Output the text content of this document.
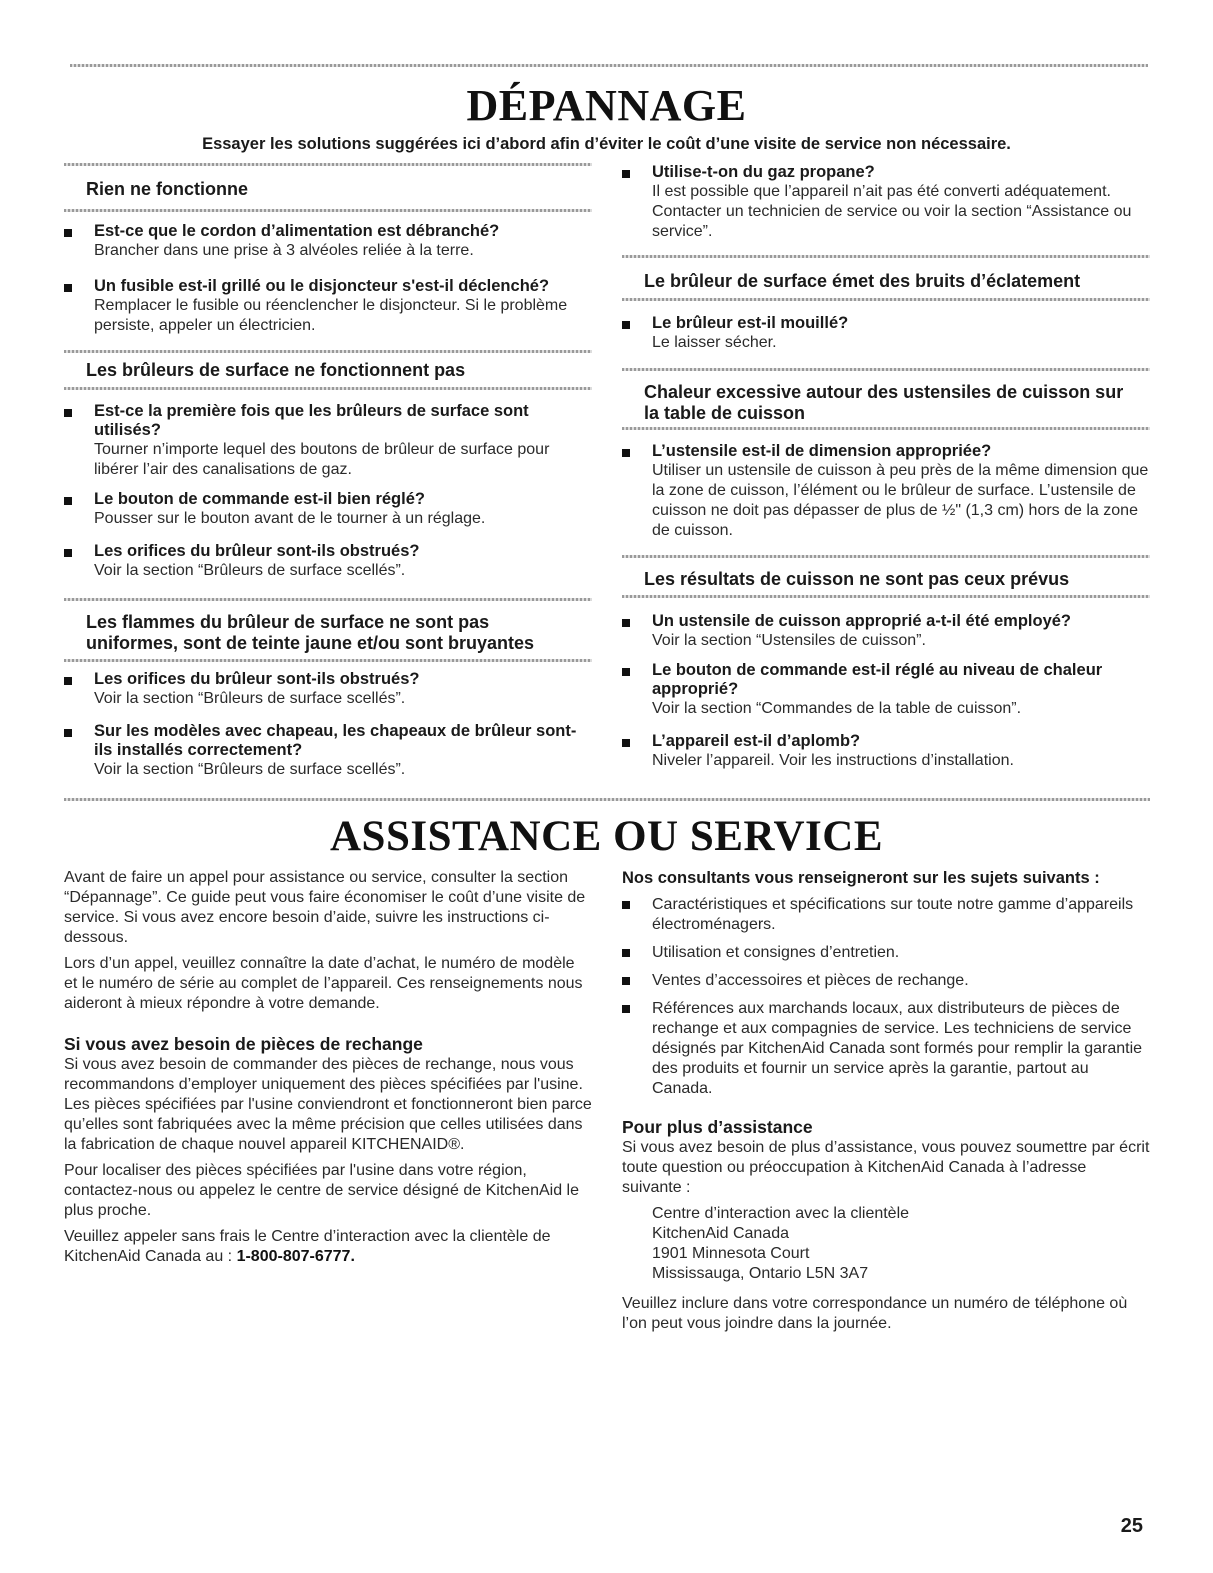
DÉPANNAGE
Essayer les solutions suggérées ici d’abord afin d’éviter le coût d’une visite de service non nécessaire.
Rien ne fonctionne
Est-ce que le cordon d’alimentation est débranché?
Brancher dans une prise à 3 alvéoles reliée à la terre.
Un fusible est-il grillé ou le disjoncteur s'est-il déclenché?
Remplacer le fusible ou réenclencher le disjoncteur. Si le problème persiste, appeler un électricien.
Les brûleurs de surface ne fonctionnent pas
Est-ce la première fois que les brûleurs de surface sont utilisés?
Tourner n’importe lequel des boutons de brûleur de surface pour libérer l’air des canalisations de gaz.
Le bouton de commande est-il bien réglé?
Pousser sur le bouton avant de le tourner à un réglage.
Les orifices du brûleur sont-ils obstrués?
Voir la section “Brûleurs de surface scellés”.
Les flammes du brûleur de surface ne sont pas uniformes, sont de teinte jaune et/ou sont bruyantes
Les orifices du brûleur sont-ils obstrués?
Voir la section “Brûleurs de surface scellés”.
Sur les modèles avec chapeau, les chapeaux de brûleur sont-ils installés correctement?
Voir la section “Brûleurs de surface scellés”.
Utilise-t-on du gaz propane?
Il est possible que l’appareil n’ait pas été converti adéquatement. Contacter un technicien de service ou voir la section “Assistance ou service”.
Le brûleur de surface émet des bruits d’éclatement
Le brûleur est-il mouillé?
Le laisser sécher.
Chaleur excessive autour des ustensiles de cuisson sur la table de cuisson
L’ustensile est-il de dimension appropriée?
Utiliser un ustensile de cuisson à peu près de la même dimension que la zone de cuisson, l’élément ou le brûleur de surface. L’ustensile de cuisson ne doit pas dépasser de plus de ½" (1,3 cm) hors de la zone de cuisson.
Les résultats de cuisson ne sont pas ceux prévus
Un ustensile de cuisson approprié a-t-il été employé?
Voir la section “Ustensiles de cuisson”.
Le bouton de commande est-il réglé au niveau de chaleur approprié?
Voir la section “Commandes de la table de cuisson”.
L’appareil est-il d’aplomb?
Niveler l’appareil. Voir les instructions d’installation.
ASSISTANCE OU SERVICE

Avant de faire un appel pour assistance ou service, consulter la section “Dépannage”. Ce guide peut vous faire économiser le coût d’une visite de service. Si vous avez encore besoin d’aide, suivre les instructions ci-dessous.

Lors d’un appel, veuillez connaître la date d’achat, le numéro de modèle et le numéro de série au complet de l’appareil. Ces renseignements nous aideront à mieux répondre à votre demande.

Si vous avez besoin de pièces de rechange

Si vous avez besoin de commander des pièces de rechange, nous vous recommandons d’employer uniquement des pièces spécifiées par l'usine. Les pièces spécifiées par l'usine conviendront et fonctionneront bien parce qu’elles sont fabriquées avec la même précision que celles utilisées dans la fabrication de chaque nouvel appareil KITCHENAID®.

Pour localiser des pièces spécifiées par l'usine dans votre région, contactez-nous ou appelez le centre de service désigné de KitchenAid le plus proche.

Veuillez appeler sans frais le Centre d’interaction avec la clientèle de KitchenAid Canada au : 1-800-807-6777.

Nos consultants vous renseigneront sur les sujets suivants :

Caractéristiques et spécifications sur toute notre gamme d’appareils électroménagers.
Utilisation et consignes d’entretien.
Ventes d’accessoires et pièces de rechange.
Références aux marchands locaux, aux distributeurs de pièces de rechange et aux compagnies de service. Les techniciens de service désignés par KitchenAid Canada sont formés pour remplir la garantie des produits et fournir un service après la garantie, partout au Canada.

Pour plus d’assistance

Si vous avez besoin de plus d’assistance, vous pouvez soumettre par écrit toute question ou préoccupation à KitchenAid Canada à l’adresse suivante :

Centre d’interaction avec la clientèle
KitchenAid Canada
1901 Minnesota Court
Mississauga, Ontario L5N 3A7

Veuillez inclure dans votre correspondance un numéro de téléphone où l’on peut vous joindre dans la journée.

25
